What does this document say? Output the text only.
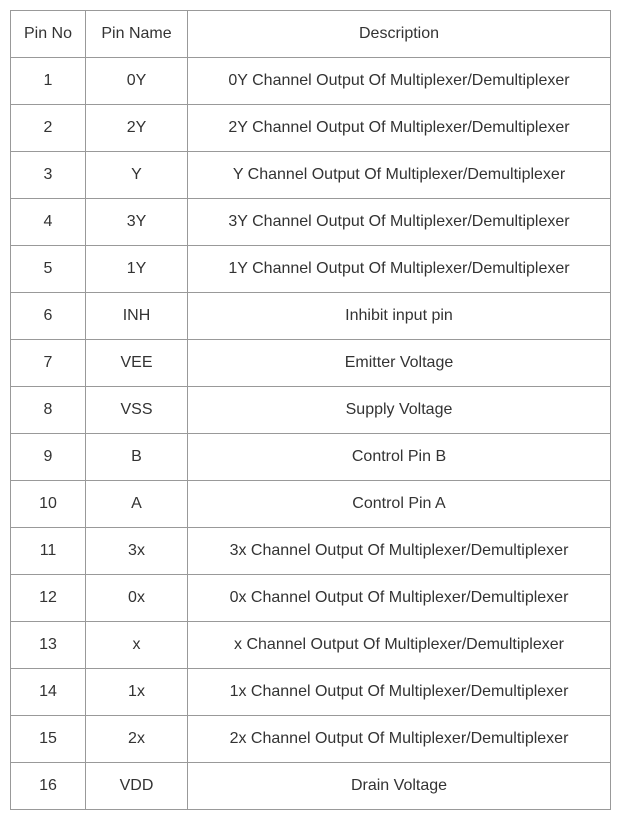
Pin No	Pin Name	Description
1	0Y	0Y Channel Output Of Multiplexer/Demultiplexer
2	2Y	2Y Channel Output Of Multiplexer/Demultiplexer
3	Y	Y Channel Output Of Multiplexer/Demultiplexer
4	3Y	3Y Channel Output Of Multiplexer/Demultiplexer
5	1Y	1Y Channel Output Of Multiplexer/Demultiplexer
6	INH	Inhibit input pin
7	VEE	Emitter Voltage
8	VSS	Supply Voltage
9	B	Control Pin B
10	A	Control Pin A
11	3x	3x Channel Output Of Multiplexer/Demultiplexer
12	0x	0x Channel Output Of Multiplexer/Demultiplexer
13	x	x Channel Output Of Multiplexer/Demultiplexer
14	1x	1x Channel Output Of Multiplexer/Demultiplexer
15	2x	2x Channel Output Of Multiplexer/Demultiplexer
16	VDD	Drain Voltage
